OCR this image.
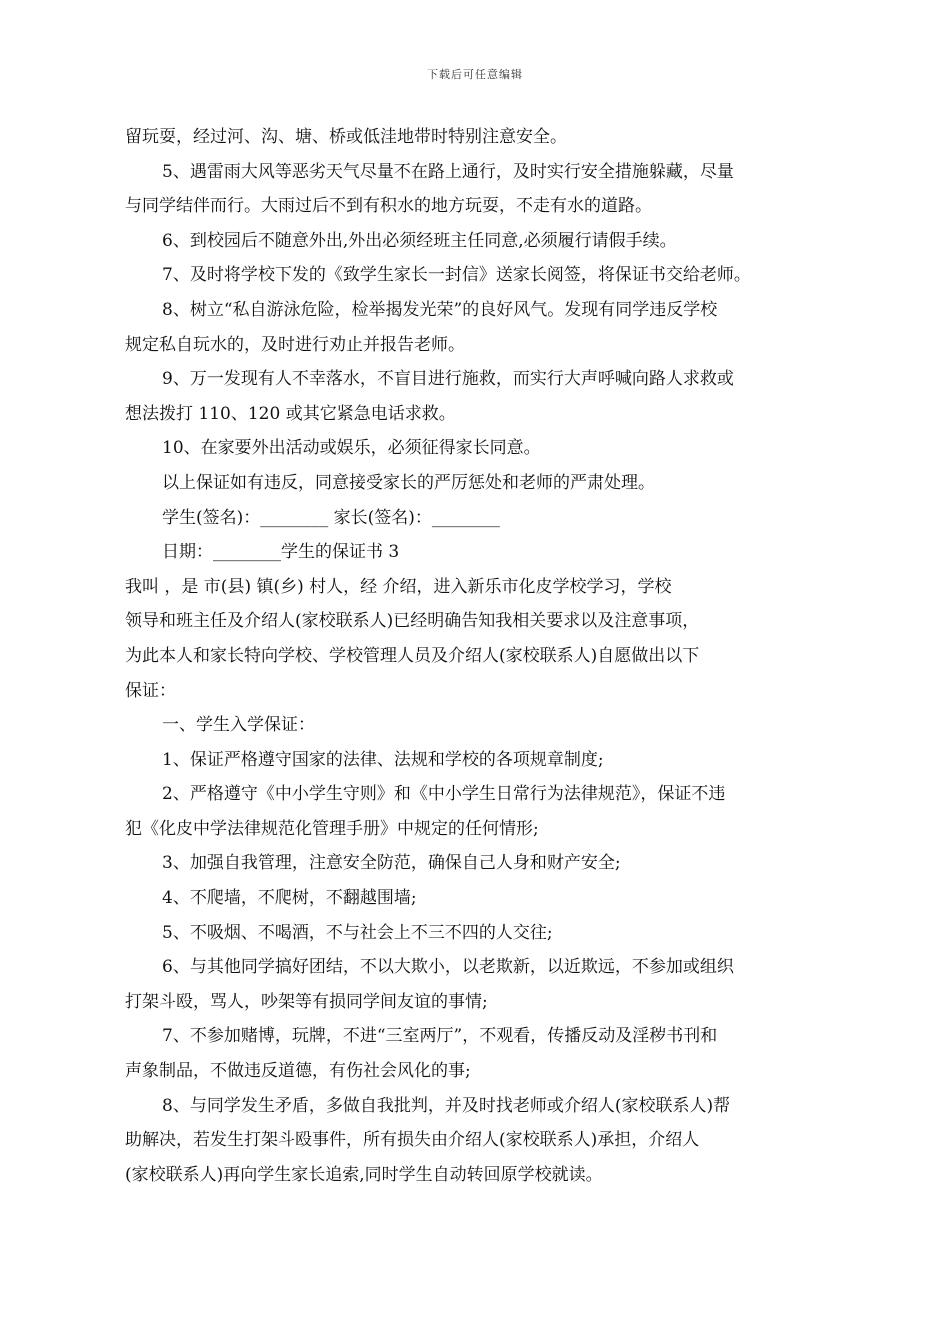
下载后可任意编辑
留玩耍，经过河、沟、塘、桥或低洼地带时特别注意安全。
5、遇雷雨大风等恶劣天气尽量不在路上通行，及时实行安全措施躲藏，尽量
与同学结伴而行。大雨过后不到有积水的地方玩耍，不走有水的道路。
6、到校园后不随意外出,外出必须经班主任同意,必须履行请假手续。
7、及时将学校下发的《致学生家长一封信》送家长阅签，将保证书交给老师。
8、树立“私自游泳危险，检举揭发光荣”的良好风气。发现有同学违反学校
规定私自玩水的，及时进行劝止并报告老师。
9、万一发现有人不幸落水，不盲目进行施救，而实行大声呼喊向路人求救或
想法拨打 110、120 或其它紧急电话求救。
10、在家要外出活动或娱乐，必须征得家长同意。
以上保证如有违反，同意接受家长的严厉惩处和老师的严肃处理。
学生(签名)：________ 家长(签名)：________
日期：________学生的保证书 3
我叫 ，是 市(县) 镇(乡) 村人，经 介绍，进入新乐市化皮学校学习，学校
领导和班主任及介绍人(家校联系人)已经明确告知我相关要求以及注意事项，
为此本人和家长特向学校、学校管理人员及介绍人(家校联系人)自愿做出以下
保证：
一、学生入学保证：
1、保证严格遵守国家的法律、法规和学校的各项规章制度;
2、严格遵守《中小学生守则》和《中小学生日常行为法律规范》，保证不违
犯《化皮中学法律规范化管理手册》中规定的任何情形;
3、加强自我管理，注意安全防范，确保自己人身和财产安全;
4、不爬墙，不爬树，不翻越围墙;
5、不吸烟、不喝酒，不与社会上不三不四的人交往;
6、与其他同学搞好团结，不以大欺小，以老欺新，以近欺远，不参加或组织
打架斗殴，骂人，吵架等有损同学间友谊的事情;
7、不参加赌博，玩牌，不进“三室两厅”，不观看，传播反动及淫秽书刊和
声象制品，不做违反道德，有伤社会风化的事;
8、与同学发生矛盾，多做自我批判，并及时找老师或介绍人(家校联系人)帮
助解决，若发生打架斗殴事件，所有损失由介绍人(家校联系人)承担，介绍人
(家校联系人)再向学生家长追索,同时学生自动转回原学校就读。
